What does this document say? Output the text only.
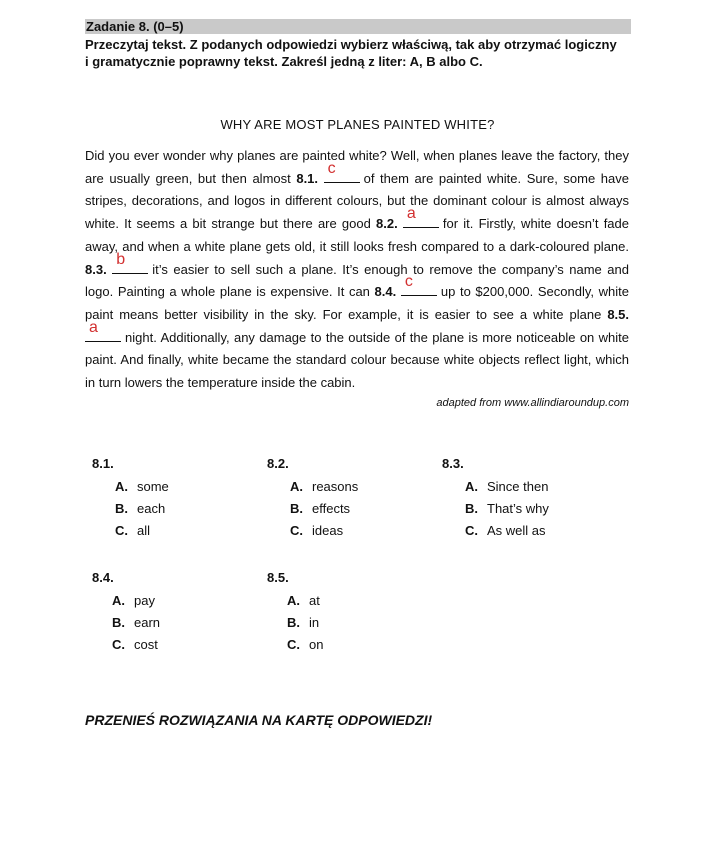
Zadanie 8. (0–5)
Przeczytaj tekst. Z podanych odpowiedzi wybierz właściwą, tak aby otrzymać logiczny
i gramatycznie poprawny tekst. Zakreśl jedną z liter: A, B albo C.
WHY ARE MOST PLANES PAINTED WHITE?
Did you ever wonder why planes are painted white? Well, when planes leave the factory, they are usually green, but then almost 8.1.
c
of them are painted white. Sure, some have stripes, decorations, and logos in different colours, but the dominant colour is almost always white. It seems a bit strange but there are good 8.2.
a
for it. Firstly, white doesn’t fade away, and when a white plane gets old, it still looks fresh compared to a dark-coloured plane. 8.3.
b
it’s easier to sell such a plane. It’s enough to remove the company’s name and logo. Painting a whole plane is expensive. It can 8.4.
c
up to $200,000. Secondly, white paint means better visibility in the sky. For example, it is easier to see a white plane 8.5.
a
night. Additionally, any damage to the outside of the plane is more noticeable on white paint. And finally, white became the standard colour because white objects reflect light, which in turn lowers the temperature inside the cabin.
adapted from www.allindiaroundup.com
8.1.
A. some
B. each
C. all
8.2.
A. reasons
B. effects
C. ideas
8.3.
A. Since then
B. That’s why
C. As well as
8.4.
A. pay
B. earn
C. cost
8.5.
A. at
B. in
C. on
PRZENIEŚ ROZWIĄZANIA NA KARTĘ ODPOWIEDZI!
